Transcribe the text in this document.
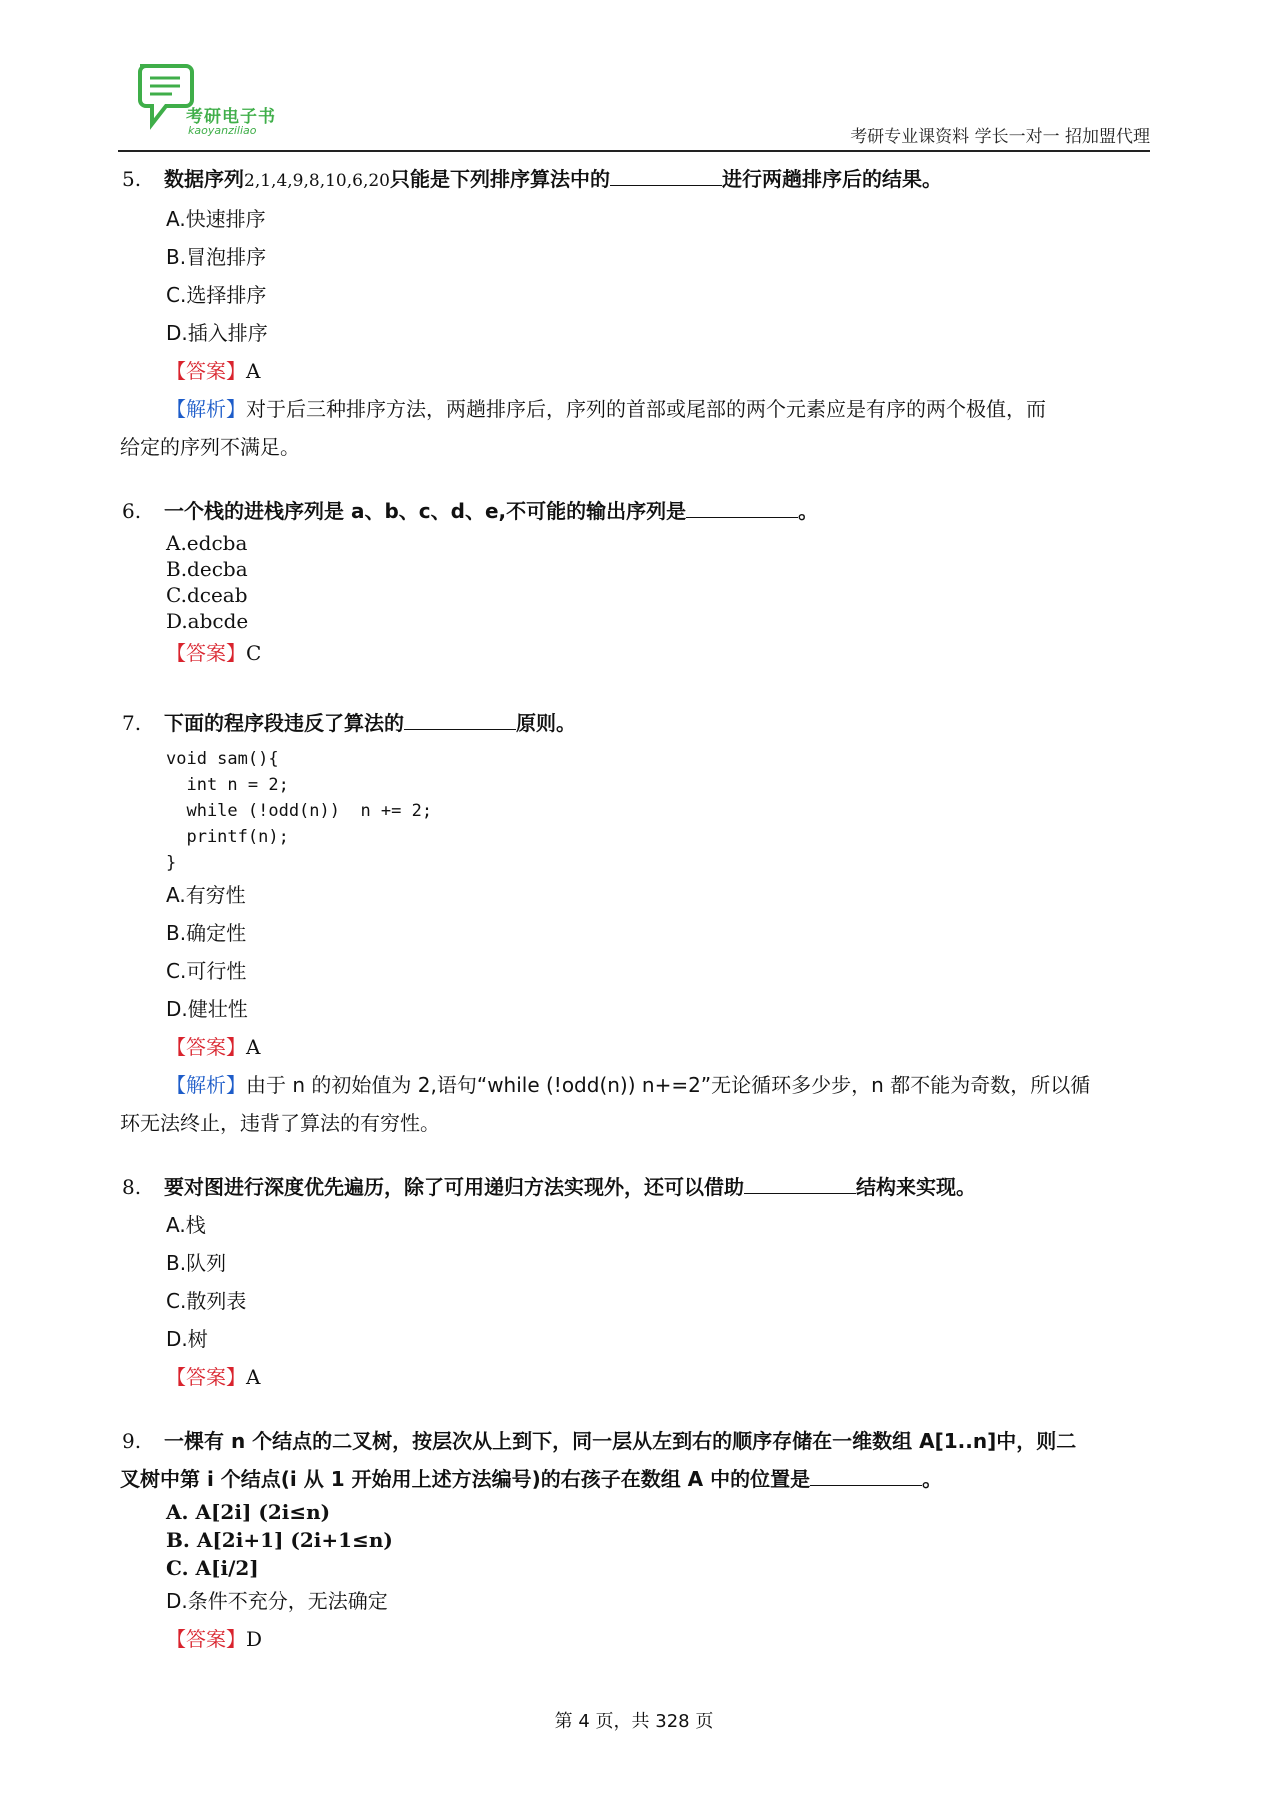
考研电子书
kaoyanziliao	考研专业课资料 学长一对一 招加盟代理
5. 数据序列2,1,4,9,8,10,6,20只能是下列排序算法中的	进行两趟排序后的结果。
A.快速排序
B.冒泡排序
C.选择排序
D.插入排序
【答案】A
【解析】对于后三种排序方法，两趟排序后，序列的首部或尾部的两个元素应是有序的两个极值，而
给定的序列不满足。
6. 一个栈的进栈序列是 a、b、c、d、e,不可能的输出序列是	。
A.edcba
B.decba
C.dceab
D.abcde
【答案】C
7. 下面的程序段违反了算法的	原则。
void sam(){
int n = 2;
while (!odd(n))  n += 2;
printf(n);
}
A.有穷性
B.确定性
C.可行性
D.健壮性
【答案】A
【解析】由于 n 的初始值为 2,语句“while (!odd(n)) n+=2”无论循环多少步，n 都不能为奇数，所以循
环无法终止，违背了算法的有穷性。
8. 要对图进行深度优先遍历，除了可用递归方法实现外，还可以借助	结构来实现。
A.栈
B.队列
C.散列表
D.树
【答案】A
9. 一棵有 n 个结点的二叉树，按层次从上到下，同一层从左到右的顺序存储在一维数组 A[1..n]中，则二
叉树中第 i 个结点(i 从 1 开始用上述方法编号)的右孩子在数组 A 中的位置是	。
A. A[2i] (2i≤n)
B. A[2i+1] (2i+1≤n)
C. A[i/2]
D.条件不充分，无法确定
【答案】D
第 4 页，共 328 页
